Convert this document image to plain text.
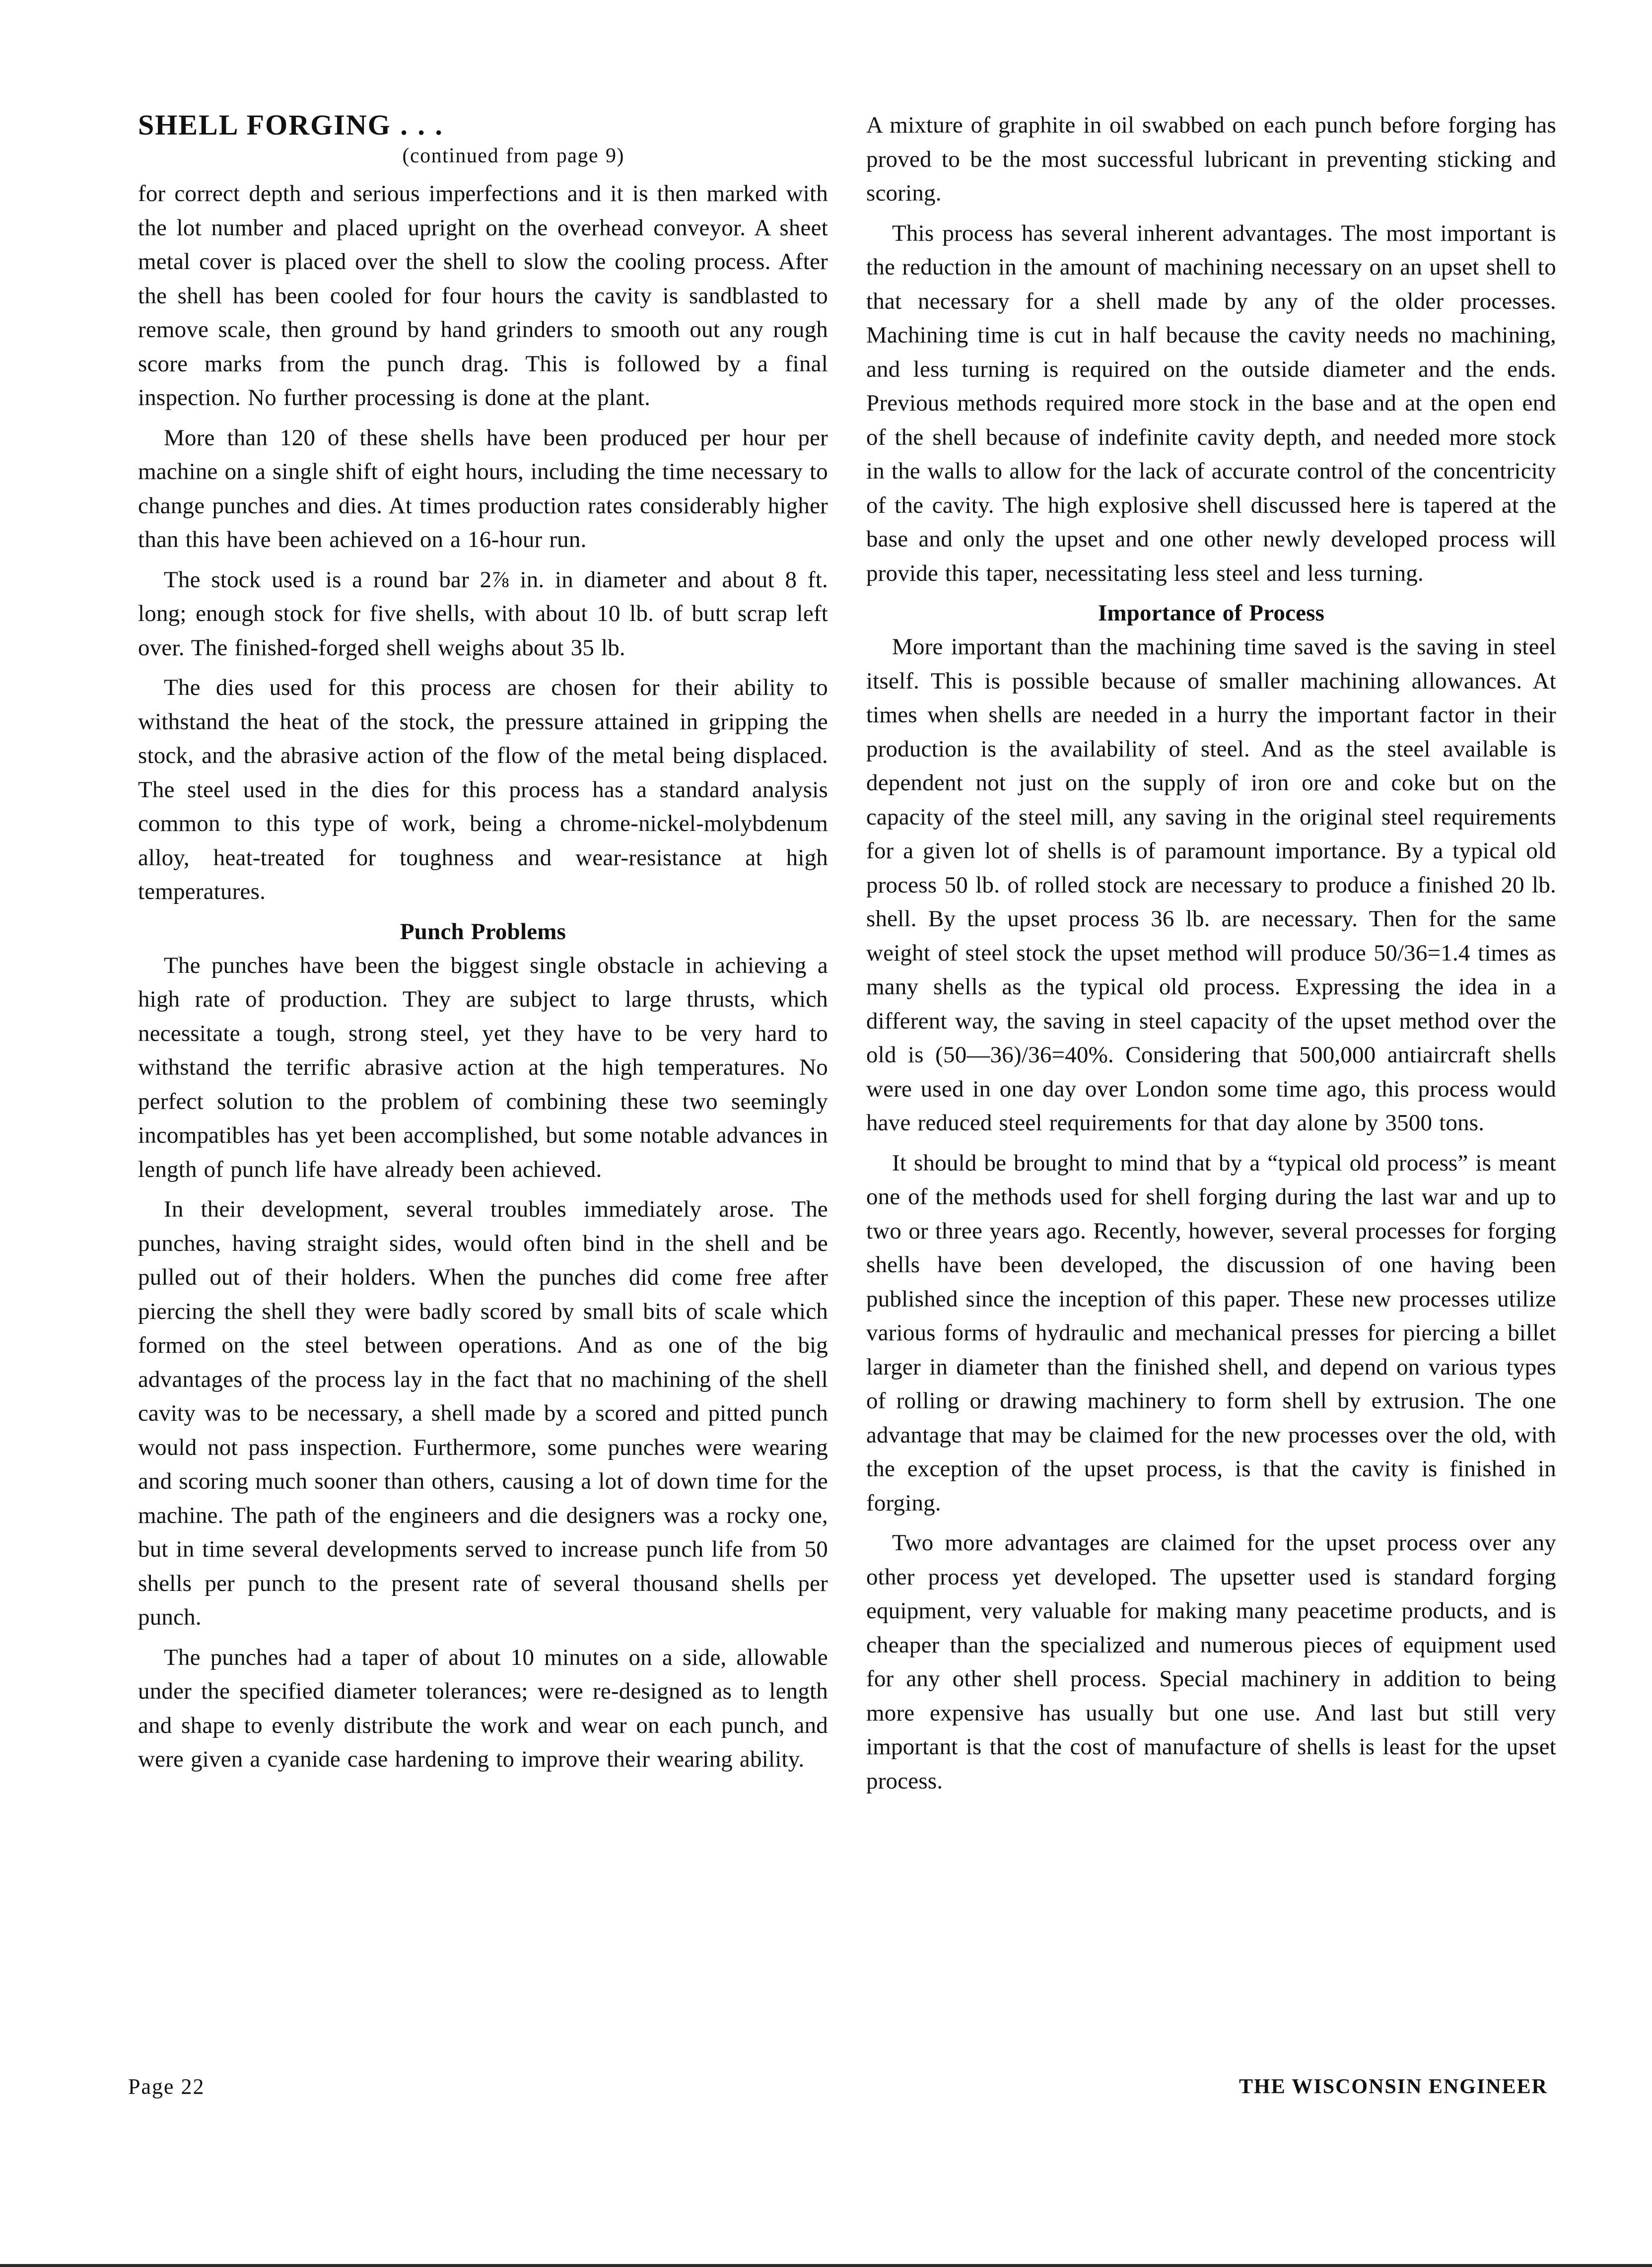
SHELL FORGING . . .

(continued from page 9)

for correct depth and serious imperfections and it is then marked with the lot number and placed upright on the overhead conveyor. A sheet metal cover is placed over the shell to slow the cooling process. After the shell has been cooled for four hours the cavity is sandblasted to remove scale, then ground by hand grinders to smooth out any rough score marks from the punch drag. This is followed by a final inspection. No further processing is done at the plant.

More than 120 of these shells have been produced per hour per machine on a single shift of eight hours, including the time necessary to change punches and dies. At times production rates considerably higher than this have been achieved on a 16-hour run.

The stock used is a round bar 2⅞ in. in diameter and about 8 ft. long; enough stock for five shells, with about 10 lb. of butt scrap left over. The finished-forged shell weighs about 35 lb.

The dies used for this process are chosen for their ability to withstand the heat of the stock, the pressure attained in gripping the stock, and the abrasive action of the flow of the metal being displaced. The steel used in the dies for this process has a standard analysis common to this type of work, being a chrome-nickel-molybdenum alloy, heat-treated for toughness and wear-resistance at high temperatures.

Punch Problems

The punches have been the biggest single obstacle in achieving a high rate of production. They are subject to large thrusts, which necessitate a tough, strong steel, yet they have to be very hard to withstand the terrific abrasive action at the high temperatures. No perfect solution to the problem of combining these two seemingly incompatibles has yet been accomplished, but some notable advances in length of punch life have already been achieved.

In their development, several troubles immediately arose. The punches, having straight sides, would often bind in the shell and be pulled out of their holders. When the punches did come free after piercing the shell they were badly scored by small bits of scale which formed on the steel between operations. And as one of the big advantages of the process lay in the fact that no machining of the shell cavity was to be necessary, a shell made by a scored and pitted punch would not pass inspection. Furthermore, some punches were wearing and scoring much sooner than others, causing a lot of down time for the machine. The path of the engineers and die designers was a rocky one, but in time several developments served to increase punch life from 50 shells per punch to the present rate of several thousand shells per punch.

The punches had a taper of about 10 minutes on a side, allowable under the specified diameter tolerances; were re-designed as to length and shape to evenly distribute the work and wear on each punch, and were given a cyanide case hardening to improve their wearing ability.

A mixture of graphite in oil swabbed on each punch before forging has proved to be the most successful lubricant in preventing sticking and scoring.

This process has several inherent advantages. The most important is the reduction in the amount of machining necessary on an upset shell to that necessary for a shell made by any of the older processes. Machining time is cut in half because the cavity needs no machining, and less turning is required on the outside diameter and the ends. Previous methods required more stock in the base and at the open end of the shell because of indefinite cavity depth, and needed more stock in the walls to allow for the lack of accurate control of the concentricity of the cavity. The high explosive shell discussed here is tapered at the base and only the upset and one other newly developed process will provide this taper, necessitating less steel and less turning.

Importance of Process

More important than the machining time saved is the saving in steel itself. This is possible because of smaller machining allowances. At times when shells are needed in a hurry the important factor in their production is the availability of steel. And as the steel available is dependent not just on the supply of iron ore and coke but on the capacity of the steel mill, any saving in the original steel requirements for a given lot of shells is of paramount importance. By a typical old process 50 lb. of rolled stock are necessary to produce a finished 20 lb. shell. By the upset process 36 lb. are necessary. Then for the same weight of steel stock the upset method will produce 50/36=1.4 times as many shells as the typical old process. Expressing the idea in a different way, the saving in steel capacity of the upset method over the old is (50—36)/36=40%. Considering that 500,000 antiaircraft shells were used in one day over London some time ago, this process would have reduced steel requirements for that day alone by 3500 tons.

It should be brought to mind that by a “typical old process” is meant one of the methods used for shell forging during the last war and up to two or three years ago. Recently, however, several processes for forging shells have been developed, the discussion of one having been published since the inception of this paper. These new processes utilize various forms of hydraulic and mechanical presses for piercing a billet larger in diameter than the finished shell, and depend on various types of rolling or drawing machinery to form shell by extrusion. The one advantage that may be claimed for the new processes over the old, with the exception of the upset process, is that the cavity is finished in forging.

Two more advantages are claimed for the upset process over any other process yet developed. The upsetter used is standard forging equipment, very valuable for making many peacetime products, and is cheaper than the specialized and numerous pieces of equipment used for any other shell process. Special machinery in addition to being more expensive has usually but one use. And last but still very important is that the cost of manufacture of shells is least for the upset process.

Page 22	THE WISCONSIN ENGINEER
